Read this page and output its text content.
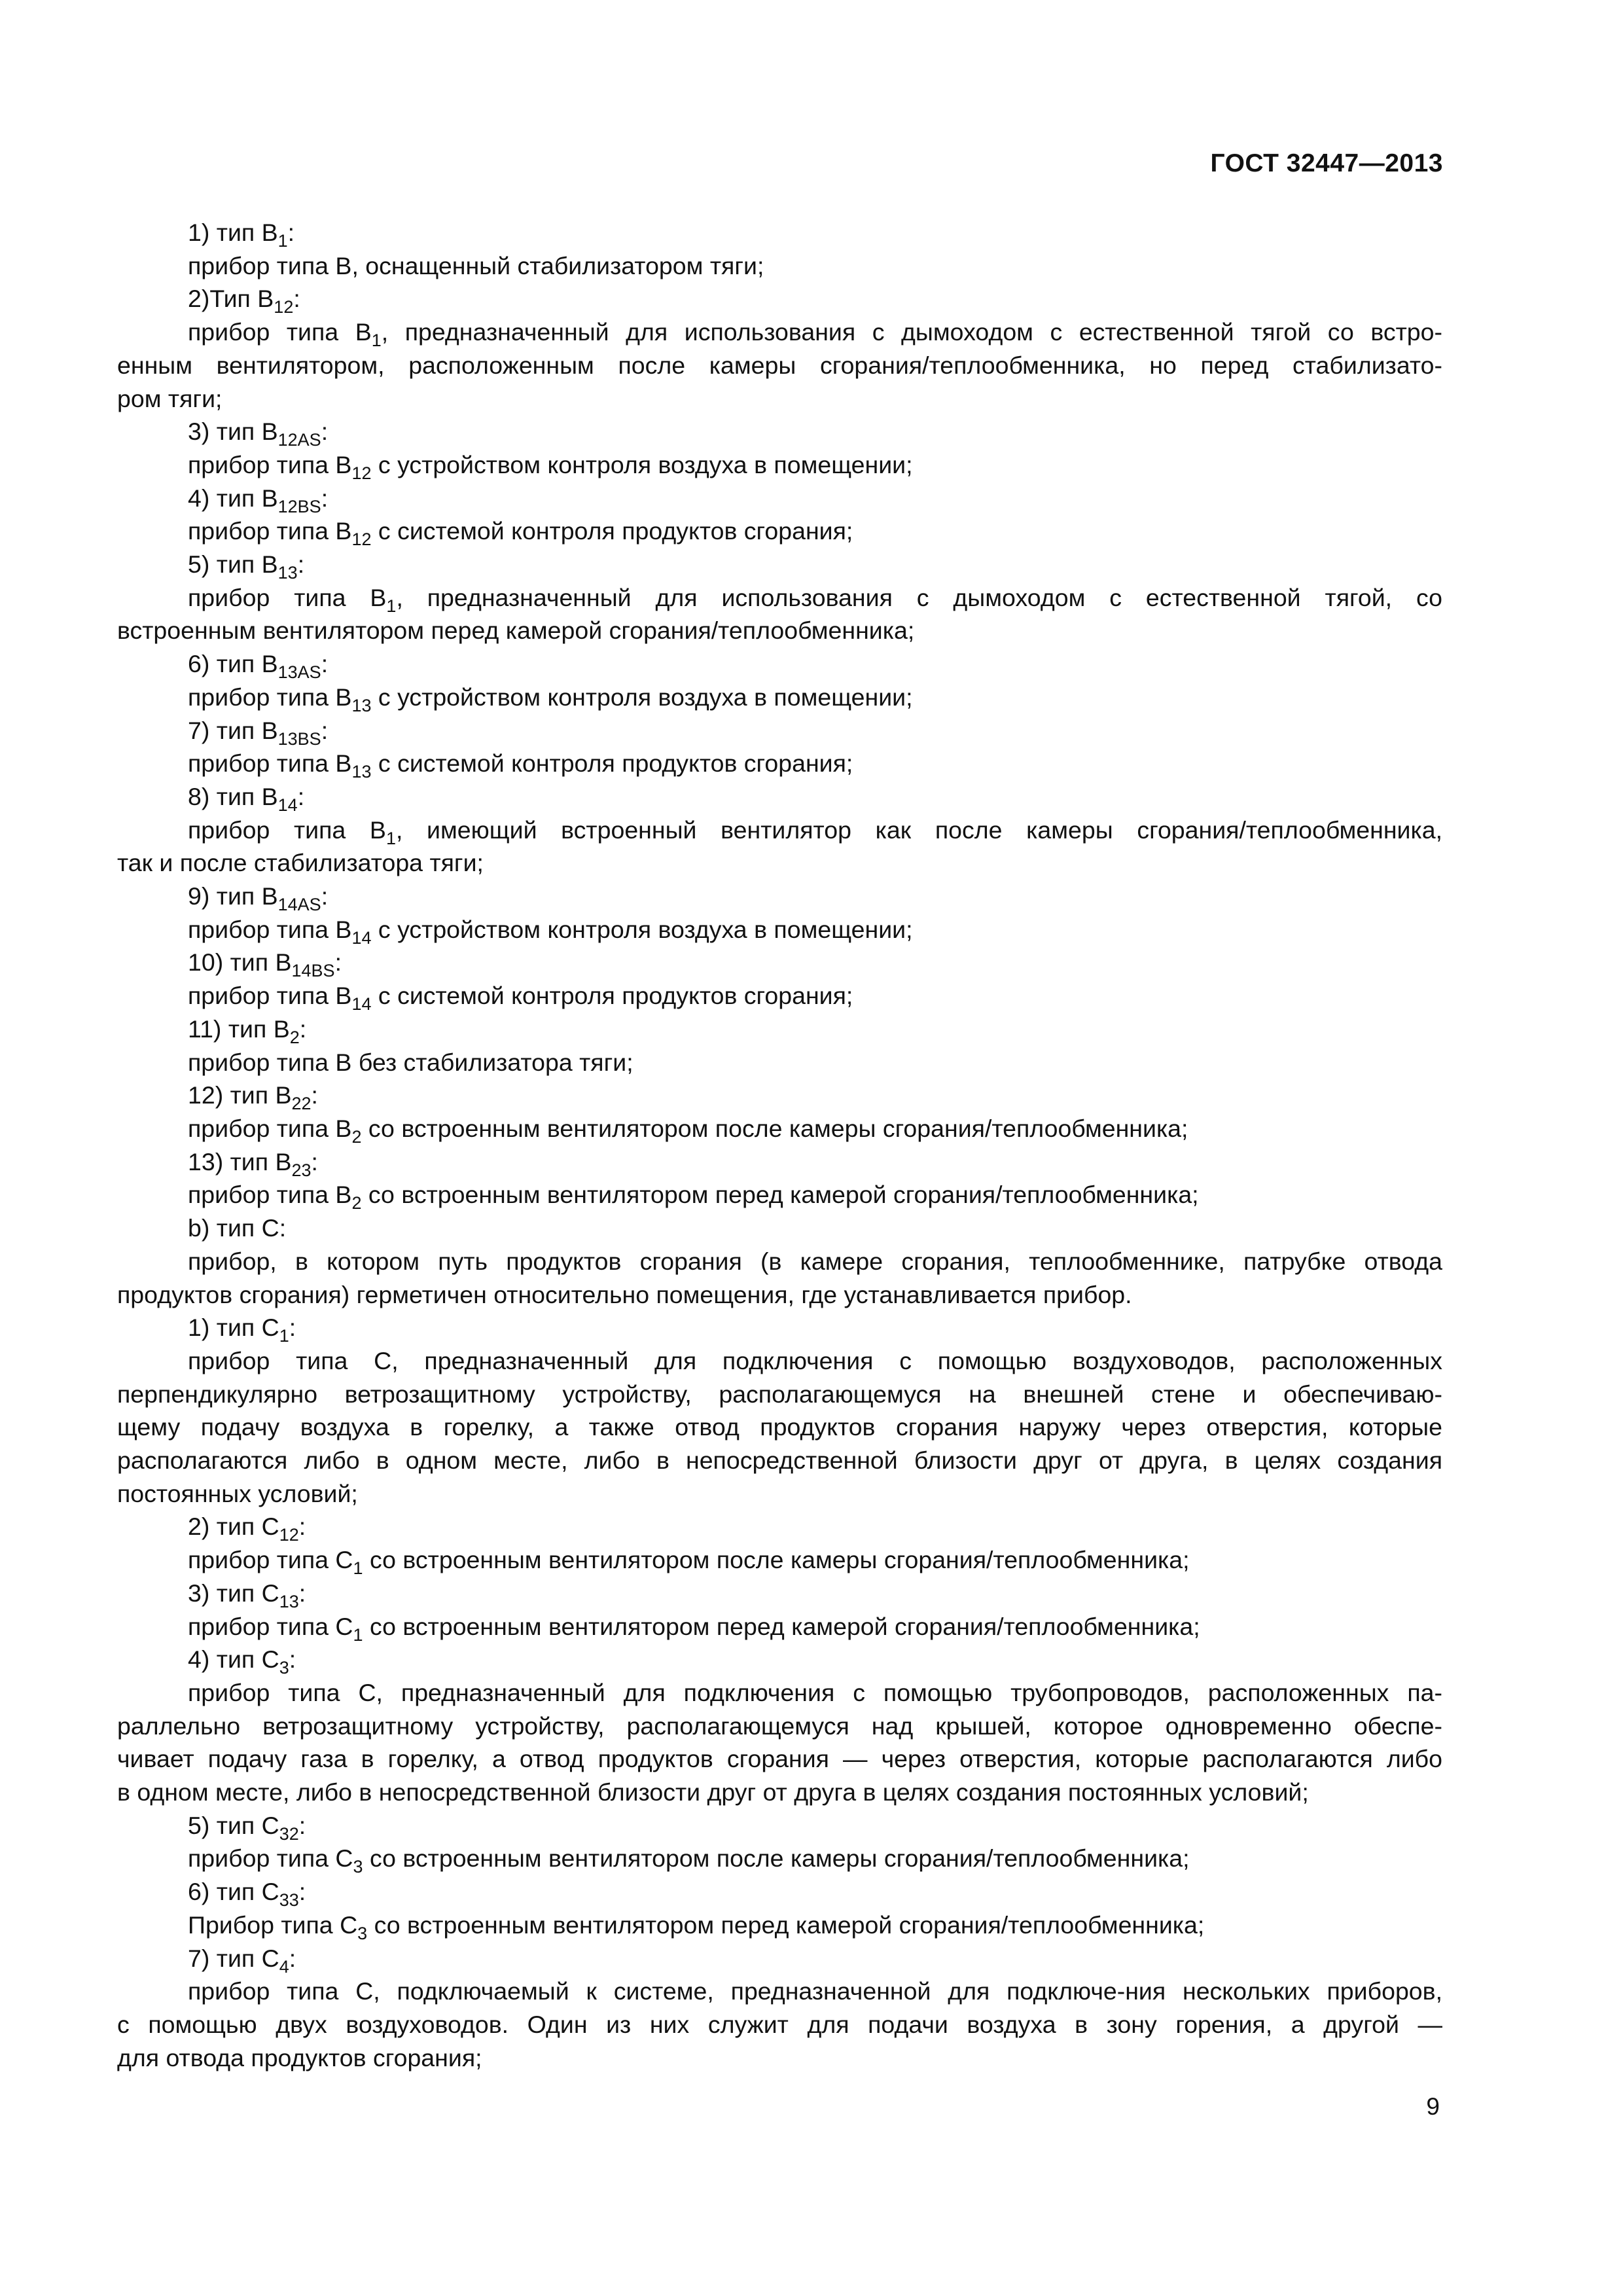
ГОСТ 32447—2013

1) тип $B_1$:

прибор типа B, оснащенный стабилизатором тяги;

2)Тип $B_{12}$:

прибор типа $B_1$, предназначенный для использования с дымоходом с естественной тягой со встро-

енным вентилятором, расположенным после камеры сгорания/теплообменника, но перед стабилизато-

ром тяги;

3) тип $B_{12AS}$:

прибор типа $B_{12}$ с устройством контроля воздуха в помещении;

4) тип $B_{12BS}$:

прибор типа $B_{12}$ с системой контроля продуктов сгорания;

5) тип $B_{13}$:

прибор типа $B_1$, предназначенный для использования с дымоходом с естественной тягой, со

встроенным вентилятором перед камерой сгорания/теплообменника;

6) тип $B_{13AS}$:

прибор типа $B_{13}$ с устройством контроля воздуха в помещении;

7) тип $B_{13BS}$:

прибор типа $B_{13}$ с системой контроля продуктов сгорания;

8) тип $B_{14}$:

прибор типа $B_1$, имеющий встроенный вентилятор как после камеры сгорания/теплообменника,

так и после стабилизатора тяги;

9) тип $B_{14AS}$:

прибор типа $B_{14}$ с устройством контроля воздуха в помещении;

10) тип $B_{14BS}$:

прибор типа $B_{14}$ с системой контроля продуктов сгорания;

11) тип $B_2$:

прибор типа B без стабилизатора тяги;

12) тип $B_{22}$:

прибор типа $B_2$ со встроенным вентилятором после камеры сгорания/теплообменника;

13) тип $B_{23}$:

прибор типа $B_2$ со встроенным вентилятором перед камерой сгорания/теплообменника;

b) тип C:

прибор, в котором путь продуктов сгорания (в камере сгорания, теплообменнике, патрубке отвода

продуктов сгорания) герметичен относительно помещения, где устанавливается прибор.

1) тип $C_1$:

прибор типа C, предназначенный для подключения с помощью воздуховодов, расположенных

перпендикулярно ветрозащитному устройству, располагающемуся на внешней стене и обеспечиваю-

щему подачу воздуха в горелку, а также отвод продуктов сгорания наружу через отверстия, которые

располагаются либо в одном месте, либо в непосредственной близости друг от друга, в целях создания

постоянных условий;

2) тип $C_{12}$:

прибор типа $C_1$ со встроенным вентилятором после камеры сгорания/теплообменника;

3) тип $C_{13}$:

прибор типа $C_1$ со встроенным вентилятором перед камерой сгорания/теплообменника;

4) тип $C_3$:

прибор типа C, предназначенный для подключения с помощью трубопроводов, расположенных па-

раллельно ветрозащитному устройству, располагающемуся над крышей, которое одновременно обеспе-

чивает подачу газа в горелку, а отвод продуктов сгорания — через отверстия, которые располагаются либо

в одном месте, либо в непосредственной близости друг от друга в целях создания постоянных условий;

5) тип $C_{32}$:

прибор типа $C_3$ со встроенным вентилятором после камеры сгорания/теплообменника;

6) тип $C_{33}$:

Прибор типа $C_3$ со встроенным вентилятором перед камерой сгорания/теплообменника;

7) тип $C_4$:

прибор типа C, подключаемый к системе, предназначенной для подключе-ния нескольких приборов,

с помощью двух воздуховодов. Один из них служит для подачи воздуха в зону горения, а другой —

для отвода продуктов сгорания;

9
